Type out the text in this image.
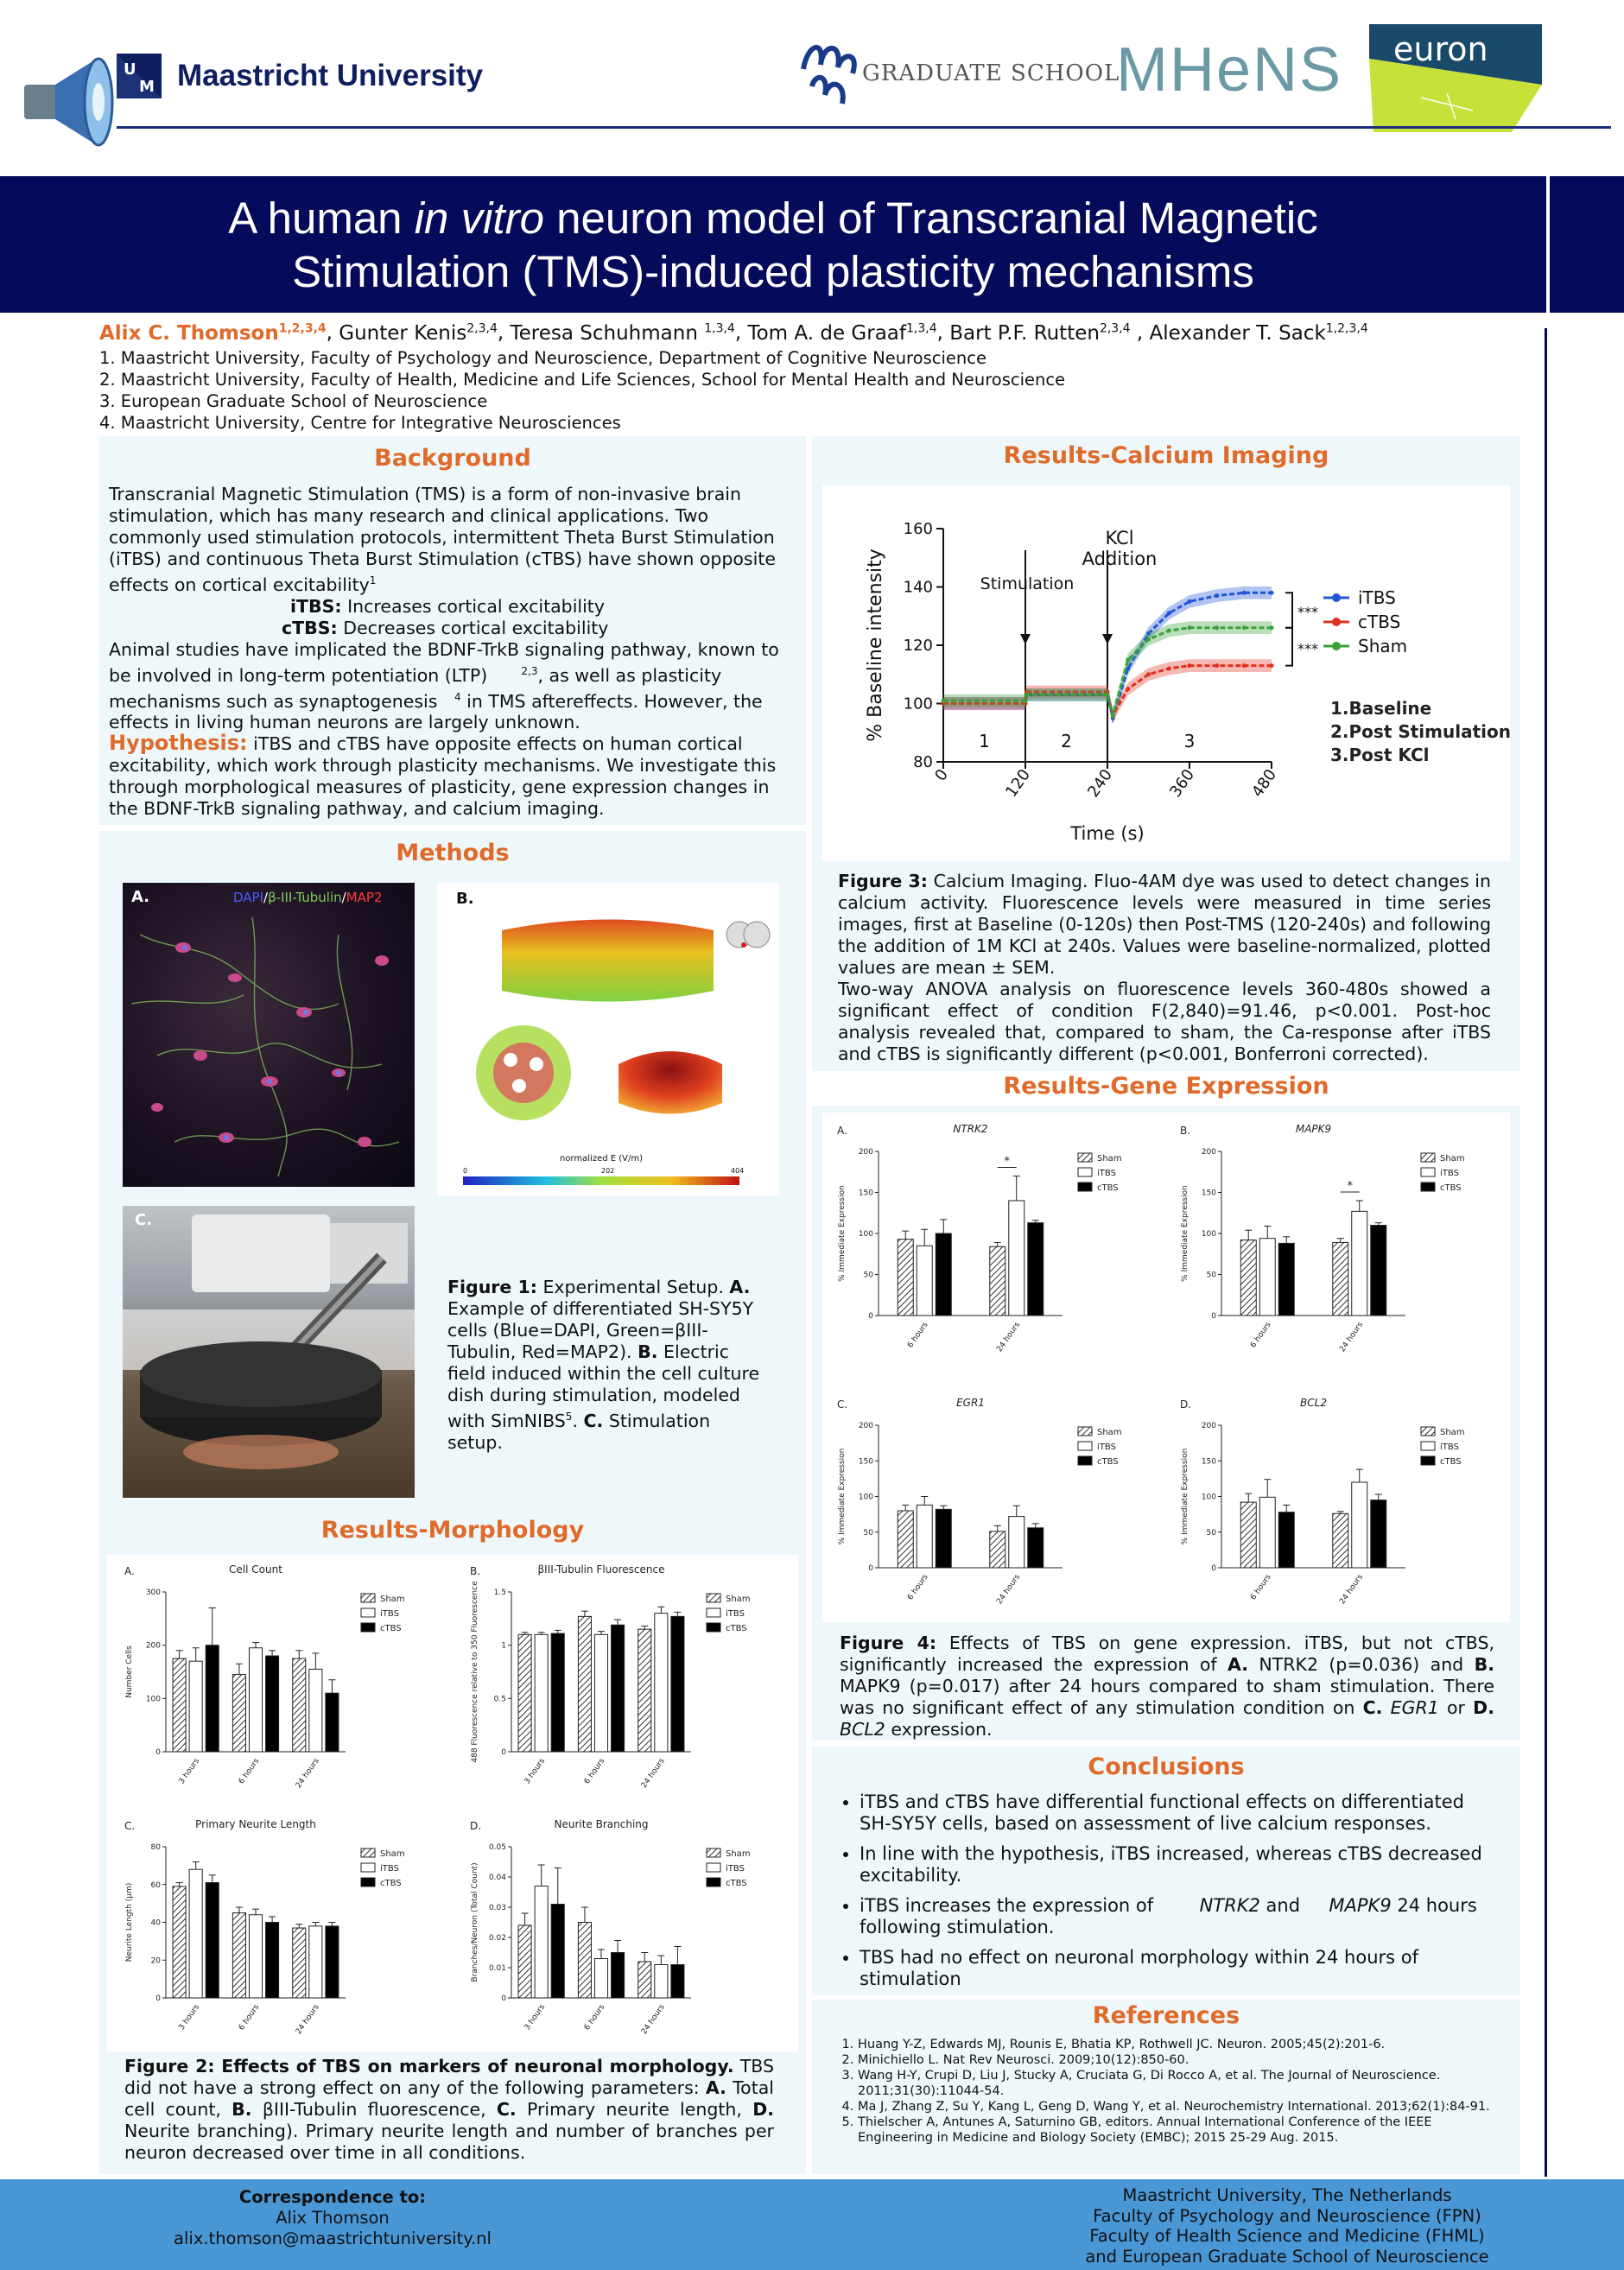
U
M Maastricht University	GRADUATE SCHOOL
MHeNS euron
A human in vitro neuron model of Transcranial Magnetic
Stimulation (TMS)-induced plasticity mechanisms
Alix C. Thomson$^{1,2,3,4}$, Gunter Kenis$^{2,3,4}$, Teresa Schuhmann $^{1,3,4}$, Tom A. de Graaf$^{1,3,4}$, Bart P.F. Rutten$^{2,3,4}$ , Alexander T. Sack$^{1,2,3,4}$
1. Maastricht University, Faculty of Psychology and Neuroscience, Department of Cognitive Neuroscience
2. Maastricht University, Faculty of Health, Medicine and Life Sciences, School for Mental Health and Neuroscience
3. European Graduate School of Neuroscience
4. Maastricht University, Centre for Integrative Neurosciences
Background
Transcranial Magnetic Stimulation (TMS) is a form of non-invasive brain stimulation, which has many research and clinical applications. Two commonly used stimulation protocols, intermittent Theta Burst Stimulation (iTBS) and continuous Theta Burst Stimulation (cTBS) have shown opposite effects on cortical excitability$^1$

iTBS: Increases cortical excitability
cTBS: Decreases cortical excitability
Animal studies have implicated the BDNF-TrkB signaling pathway, known to be involved in long-term potentiation (LTP)	$^{2,3}$, as well as plasticity mechanisms such as synaptogenesis $^4$ in TMS aftereffects. However, the effects in living human neurons are largely unknown.
Hypothesis: iTBS and cTBS have opposite effects on human cortical excitability, which work through plasticity mechanisms. We investigate this through morphological measures of plasticity, gene expression changes in the BDNF-TrkB signaling pathway, and calcium imaging.
Methods
A.	DAPI/β-III-Tubulin/MAP2	B.
normalized E (V/m)
0	202	404
C.
Figure 1: Experimental Setup. A. Example of differentiated SH-SY5Y cells (Blue=DAPI, Green=βIII-Tubulin, Red=MAP2). B. Electric field induced within the cell culture dish during stimulation, modeled with SimNIBS$^5$. C. Stimulation setup.
Results-Morphology
A.	Cell Count
0
100
200
300
Number Cells
3 hours	6 hours	24 hours
Sham
iTBS
cTBS
B.	βIII-Tubulin Fluorescence
0
0.5
1
1.5
488 Fluorescence relative to 350 Fluorescence
3 hours	6 hours	24 hours
Sham
iTBS
cTBS
C.	Primary Neurite Length
0
20
40
60
80
Neurite Length (µm)
3 hours	6 hours	24 hours
Sham
iTBS
cTBS
D.	Neurite Branching
0
0.01
0.02
0.03
0.04
0.05
Branches/Neuron (Total Count)
3 hours	6 hours	24 hours
Sham
iTBS
cTBS
Figure 2: Effects of TBS on markers of neuronal morphology. TBS did not have a strong effect on any of the following parameters: A. Total cell count, B. βIII-Tubulin fluorescence, C. Primary neurite length, D. Neurite branching). Primary neurite length and number of branches per neuron decreased over time in all conditions.
Results-Calcium Imaging
80
100
120
140
160
0	120	240	360	480
% Baseline intensity
Time (s)
Stimulation
KCl
Addition
1	2	3
***
***
iTBS
cTBS
Sham
1.Baseline
2.Post Stimulation
3.Post KCl
Figure 3: Calcium Imaging. Fluo-4AM dye was used to detect changes in calcium activity. Fluorescence levels were measured in time series images, first at Baseline (0-120s) then Post-TMS (120-240s) and following the addition of 1M KCl at 240s. Values were baseline-normalized, plotted values are mean ± SEM.
Two-way ANOVA analysis on fluorescence levels 360-480s showed a significant effect of condition F(2,840)=91.46, p<0.001. Post-hoc analysis revealed that, compared to sham, the Ca-response after iTBS and cTBS is significantly different (p<0.001, Bonferroni corrected).
Results-Gene Expression
A.	NTRK2
0
50
100
150
200
% Immediate Expression
6 hours	24 hours
*	Sham
iTBS
cTBS
B.	MAPK9
0
50
100
150
200
% Immediate Expression
6 hours	24 hours
*
Sham
iTBS
cTBS
C.	EGR1
0
50
100
150
200
% Immediate Expression
6 hours	24 hours
Sham
iTBS
cTBS
D.	BCL2
0
50
100
150
200
% Immediate Expression
6 hours	24 hours
Sham
iTBS
cTBS
Figure 4: Effects of TBS on gene expression. iTBS, but not cTBS, significantly increased the expression of A. NTRK2 (p=0.036) and B. MAPK9 (p=0.017) after 24 hours compared to sham stimulation. There was no significant effect of any stimulation condition on C. EGR1 or D. BCL2 expression.
Conclusions
• iTBS and cTBS have differential functional effects on differentiated SH-SY5Y cells, based on assessment of live calcium responses.
• In line with the hypothesis, iTBS increased, whereas cTBS decreased excitability.
• iTBS increases the expression of        NTRK2 and     MAPK9 24 hours following stimulation.
• TBS had no effect on neuronal morphology within 24 hours of stimulation
References
1. Huang Y-Z, Edwards MJ, Rounis E, Bhatia KP, Rothwell JC. Neuron. 2005;45(2):201-6.
2. Minichiello L. Nat Rev Neurosci. 2009;10(12):850-60.
3. Wang H-Y, Crupi D, Liu J, Stucky A, Cruciata G, Di Rocco A, et al. The Journal of Neuroscience. 2011;31(30):11044-54.
4. Ma J, Zhang Z, Su Y, Kang L, Geng D, Wang Y, et al. Neurochemistry International. 2013;62(1):84-91.
5. Thielscher A, Antunes A, Saturnino GB, editors. Annual International Conference of the IEEE Engineering in Medicine and Biology Society (EMBC); 2015 25-29 Aug. 2015.
Correspondence to:
Alix Thomson
alix.thomson@maastrichtuniversity.nl
Maastricht University, The Netherlands
Faculty of Psychology and Neuroscience (FPN)
Faculty of Health Science and Medicine (FHML)
and European Graduate School of Neuroscience
